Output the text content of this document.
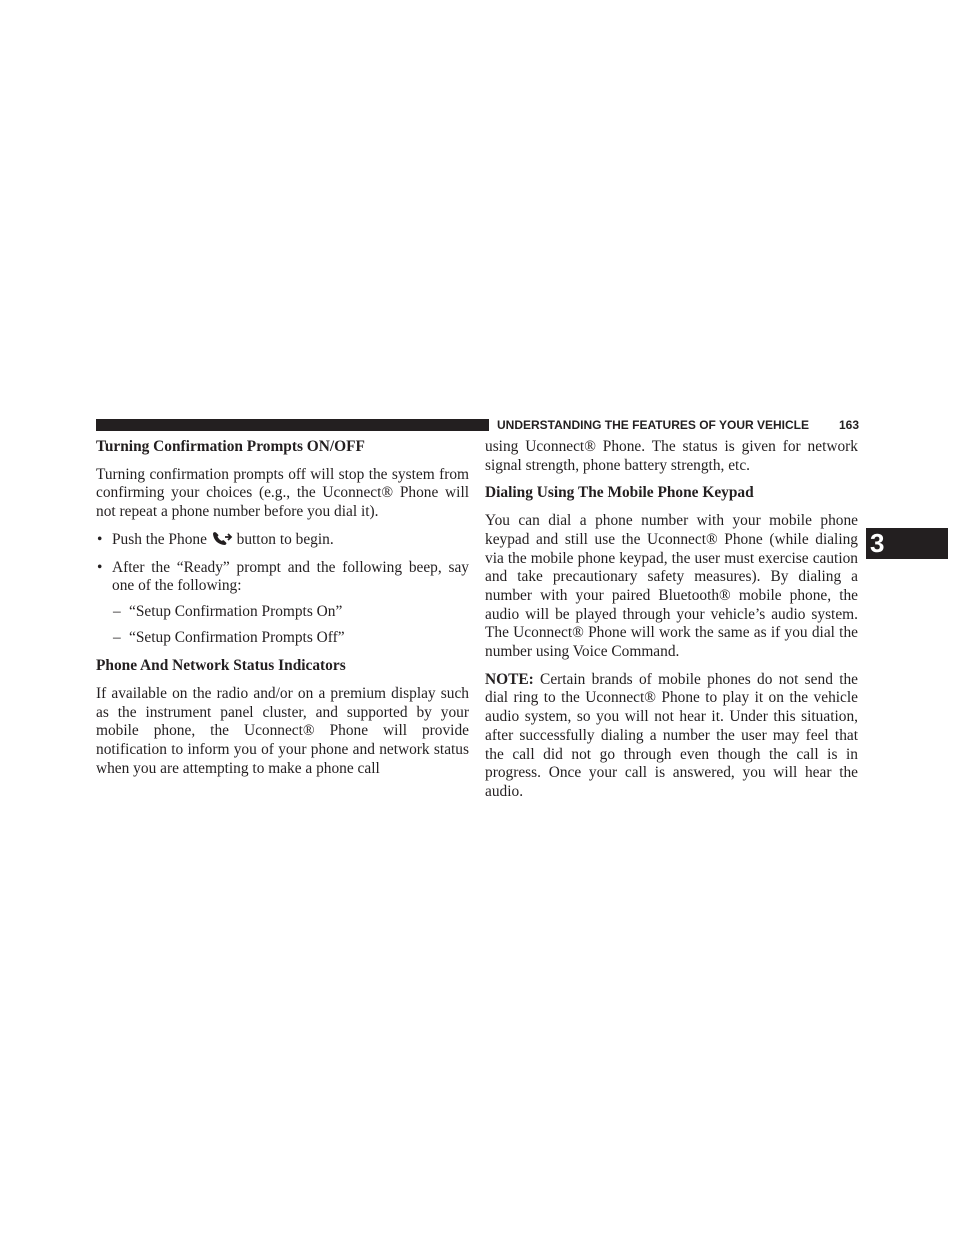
UNDERSTANDING THE FEATURES OF YOUR VEHICLE 163
3
Turning Confirmation Prompts ON/OFF

Turning confirmation prompts off will stop the system from confirming your choices (e.g., the Uconnect® Phone will not repeat a phone number before you dial it).

• Push the Phone button to begin.
• After the “Ready” prompt and the following beep, say one of the following:
– “Setup Confirmation Prompts On”
– “Setup Confirmation Prompts Off”
Phone And Network Status Indicators

If available on the radio and/or on a premium display such as the instrument panel cluster, and supported by your mobile phone, the Uconnect® Phone will provide notification to inform you of your phone and network status when you are attempting to make a phone call

using Uconnect® Phone. The status is given for network signal strength, phone battery strength, etc.

Dialing Using The Mobile Phone Keypad

You can dial a phone number with your mobile phone keypad and still use the Uconnect® Phone (while dialing via the mobile phone keypad, the user must exercise caution and take precautionary safety measures). By dialing a number with your paired Bluetooth® mobile phone, the audio will be played through your vehicle’s audio system. The Uconnect® Phone will work the same as if you dial the number using Voice Command.

NOTE: Certain brands of mobile phones do not send the dial ring to the Uconnect® Phone to play it on the vehicle audio system, so you will not hear it. Under this situation, after successfully dialing a number the user may feel that the call did not go through even though the call is in progress. Once your call is answered, you will hear the audio.
